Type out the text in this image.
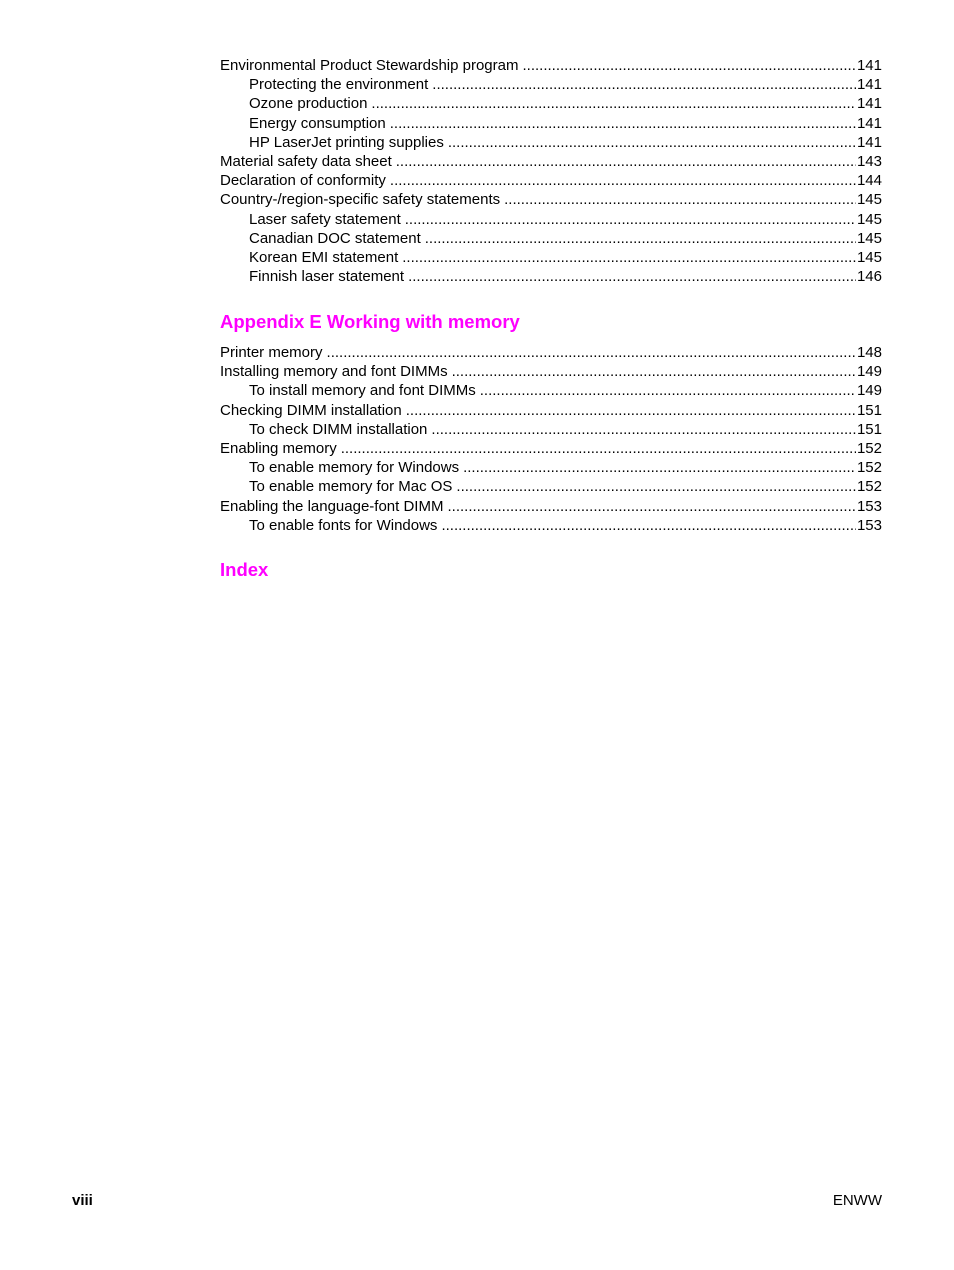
Environmental Product Stewardship program .....	141
Protecting the environment .....	141
Ozone production .....	141
Energy consumption .....	141
HP LaserJet printing supplies .....	141
Material safety data sheet .....	143
Declaration of conformity .....	144
Country-/region-specific safety statements .....	145
Laser safety statement .....	145
Canadian DOC statement .....	145
Korean EMI statement .....	145
Finnish laser statement .....	146
Appendix E Working with memory
Printer memory .....	148
Installing memory and font DIMMs .....	149
To install memory and font DIMMs .....	149
Checking DIMM installation .....	151
To check DIMM installation .....	151
Enabling memory .....	152
To enable memory for Windows .....	152
To enable memory for Mac OS .....	152
Enabling the language-font DIMM .....	153
To enable fonts for Windows .....	153
Index
viii	ENWW
